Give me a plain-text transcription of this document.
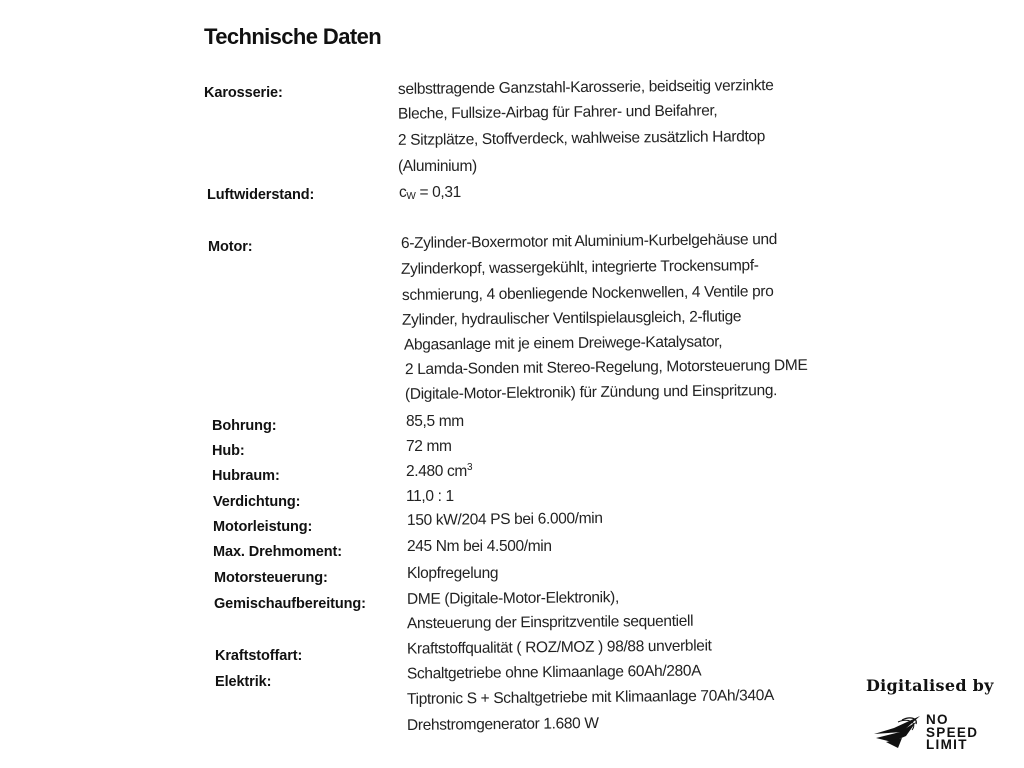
Technische Daten
Karosserie:	selbsttragende Ganzstahl-Karosserie, beidseitig verzinkte
Bleche, Fullsize-Airbag für Fahrer- und Beifahrer,
2 Sitzplätze, Stoffverdeck, wahlweise zusätzlich Hardtop
(Aluminium)
Luftwiderstand:	$c_W = 0,31$
Motor:	6-Zylinder-Boxermotor mit Aluminium-Kurbelgehäuse und
Zylinderkopf, wassergekühlt, integrierte Trockensumpf-
schmierung, 4 obenliegende Nockenwellen, 4 Ventile pro
Zylinder, hydraulischer Ventilspielausgleich, 2-flutige
Abgasanlage mit je einem Dreiwege-Katalysator,
2 Lamda-Sonden mit Stereo-Regelung, Motorsteuerung DME
(Digitale-Motor-Elektronik) für Zündung und Einspritzung.
Bohrung:	85,5 mm
Hub:	72 mm
Hubraum:	2.480 $cm^3$
Verdichtung:	11,0 : 1
Motorleistung:	150 kW/204 PS bei 6.000/min
Max. Drehmoment:	245 Nm bei 4.500/min
Motorsteuerung:	Klopfregelung
Gemischaufbereitung:	DME (Digitale-Motor-Elektronik),
Ansteuerung der Einspritzventile sequentiell
Kraftstoffart:	Kraftstoffqualität ( ROZ/MOZ ) 98/88 unverbleit
Elektrik:	Schaltgetriebe ohne Klimaanlage 60Ah/280A
Tiptronic S + Schaltgetriebe mit Klimaanlage 70Ah/340A
Drehstromgenerator 1.680 W
Digitalised by
NO
SPEED
LIMIT
